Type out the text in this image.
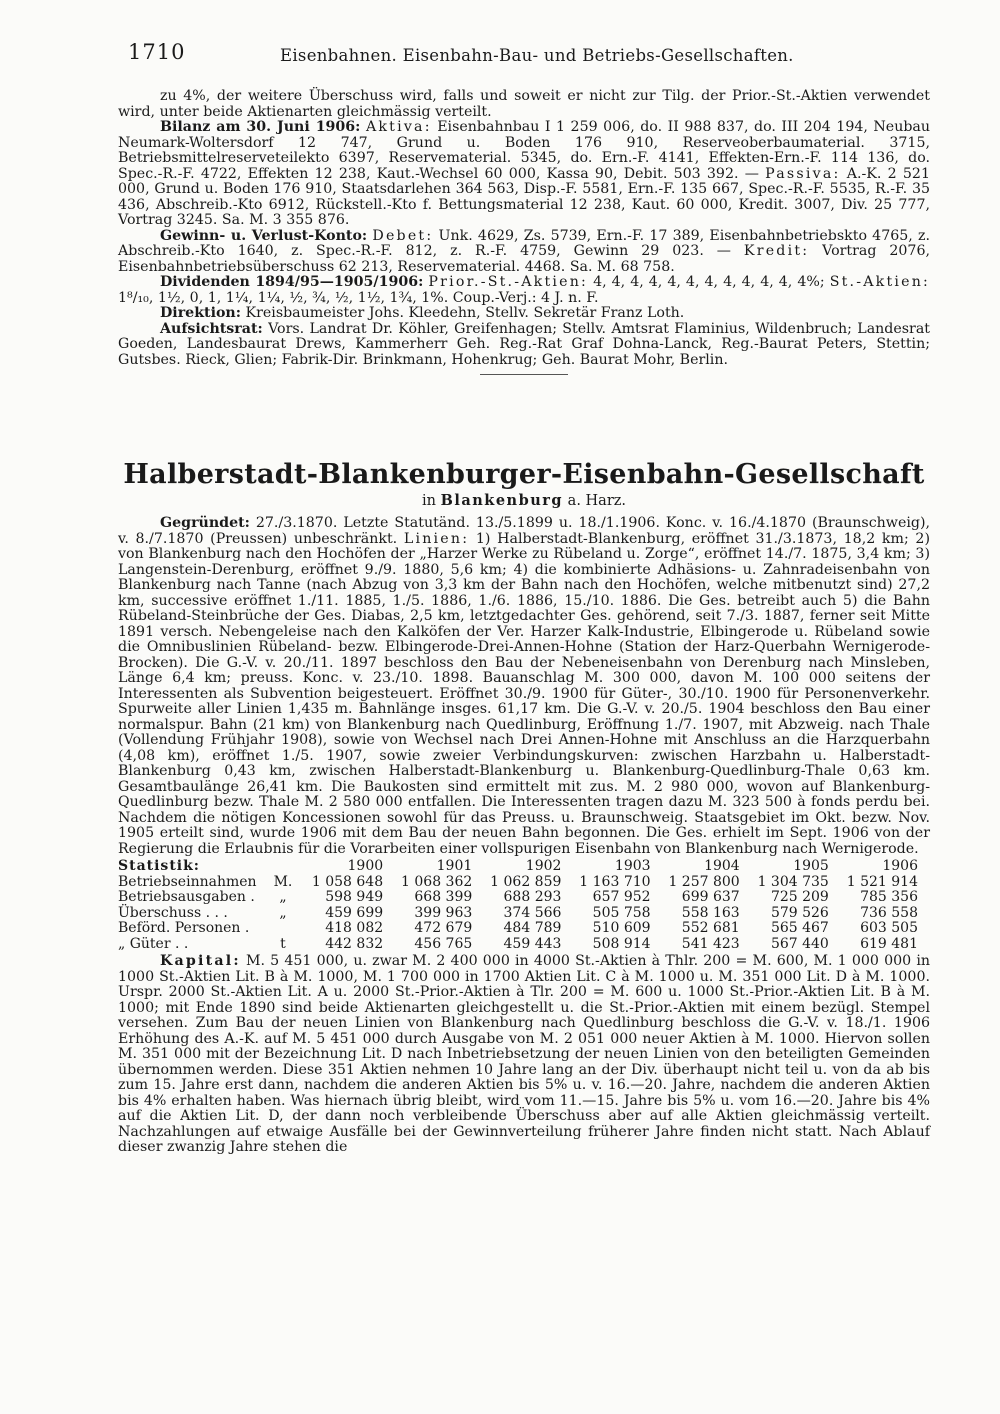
1710	Eisenbahnen. Eisenbahn-Bau- und Betriebs-Gesellschaften.

zu 4%, der weitere Überschuss wird, falls und soweit er nicht zur Tilg. der Prior.-St.-Aktien verwendet wird, unter beide Aktienarten gleichmässig verteilt.

Bilanz am 30. Juni 1906: Aktiva: Eisenbahnbau I 1 259 006, do. II 988 837, do. III 204 194, Neubau Neumark-Woltersdorf 12 747, Grund u. Boden 176 910, Reserveoberbaumaterial. 3715, Betriebsmittelreserveteilekto 6397, Reservematerial. 5345, do. Ern.-F. 4141, Effekten-Ern.-F. 114 136, do. Spec.-R.-F. 4722, Effekten 12 238, Kaut.-Wechsel 60 000, Kassa 90, Debit. 503 392. — Passiva: A.-K. 2 521 000, Grund u. Boden 176 910, Staatsdarlehen 364 563, Disp.-F. 5581, Ern.-F. 135 667, Spec.-R.-F. 5535, R.-F. 35 436, Abschreib.-Kto 6912, Rückstell.-Kto f. Bettungsmaterial 12 238, Kaut. 60 000, Kredit. 3007, Div. 25 777, Vortrag 3245. Sa. M. 3 355 876.

Gewinn- u. Verlust-Konto: Debet: Unk. 4629, Zs. 5739, Ern.-F. 17 389, Eisenbahnbetriebskto 4765, z. Abschreib.-Kto 1640, z. Spec.-R.-F. 812, z. R.-F. 4759, Gewinn 29 023. — Kredit: Vortrag 2076, Eisenbahnbetriebsüberschuss 62 213, Reservematerial. 4468. Sa. M. 68 758.

Dividenden 1894/95—1905/1906: Prior.-St.-Aktien: 4, 4, 4, 4, 4, 4, 4, 4, 4, 4, 4, 4%; St.-Aktien: 1⁸/₁₀, 1½, 0, 1, 1¼, 1¼, ½, ¾, ½, 1½, 1¾, 1%. Coup.-Verj.: 4 J. n. F.

Direktion: Kreisbaumeister Johs. Kleedehn, Stellv. Sekretär Franz Loth.

Aufsichtsrat: Vors. Landrat Dr. Köhler, Greifenhagen; Stellv. Amtsrat Flaminius, Wildenbruch; Landesrat Goeden, Landesbaurat Drews, Kammerherr Geh. Reg.-Rat Graf Dohna-Lanck, Reg.-Baurat Peters, Stettin; Gutsbes. Rieck, Glien; Fabrik-Dir. Brinkmann, Hohenkrug; Geh. Baurat Mohr, Berlin.

Halberstadt-Blankenburger-Eisenbahn-Gesellschaft

in Blankenburg a. Harz.

Gegründet: 27./3.1870. Letzte Statutänd. 13./5.1899 u. 18./1.1906. Konc. v. 16./4.1870 (Braunschweig), v. 8./7.1870 (Preussen) unbeschränkt. Linien: 1) Halberstadt-Blankenburg, eröffnet 31./3.1873, 18,2 km; 2) von Blankenburg nach den Hochöfen der „Harzer Werke zu Rübeland u. Zorge“, eröffnet 14./7. 1875, 3,4 km; 3) Langenstein-Derenburg, eröffnet 9./9. 1880, 5,6 km; 4) die kombinierte Adhäsions- u. Zahnradeisenbahn von Blankenburg nach Tanne (nach Abzug von 3,3 km der Bahn nach den Hochöfen, welche mitbenutzt sind) 27,2 km, successive eröffnet 1./11. 1885, 1./5. 1886, 1./6. 1886, 15./10. 1886. Die Ges. betreibt auch 5) die Bahn Rübeland-Steinbrüche der Ges. Diabas, 2,5 km, letztgedachter Ges. gehörend, seit 7./3. 1887, ferner seit Mitte 1891 versch. Nebengeleise nach den Kalköfen der Ver. Harzer Kalk-Industrie, Elbingerode u. Rübeland sowie die Omnibuslinien Rübeland- bezw. Elbingerode-Drei-Annen-Hohne (Station der Harz-Querbahn Wernigerode-Brocken). Die G.-V. v. 20./11. 1897 beschloss den Bau der Nebeneisenbahn von Derenburg nach Minsleben, Länge 6,4 km; preuss. Konc. v. 23./10. 1898. Bauanschlag M. 300 000, davon M. 100 000 seitens der Interessenten als Subvention beigesteuert. Eröffnet 30./9. 1900 für Güter-, 30./10. 1900 für Personenverkehr. Spurweite aller Linien 1,435 m. Bahnlänge insges. 61,17 km. Die G.-V. v. 20./5. 1904 beschloss den Bau einer normalspur. Bahn (21 km) von Blankenburg nach Quedlinburg, Eröffnung 1./7. 1907, mit Abzweig. nach Thale (Vollendung Frühjahr 1908), sowie von Wechsel nach Drei Annen-Hohne mit Anschluss an die Harzquerbahn (4,08 km), eröffnet 1./5. 1907, sowie zweier Verbindungskurven: zwischen Harzbahn u. Halberstadt-Blankenburg 0,43 km, zwischen Halberstadt-Blankenburg u. Blankenburg-Quedlinburg-Thale 0,63 km. Gesamtbaulänge 26,41 km. Die Baukosten sind ermittelt mit zus. M. 2 980 000, wovon auf Blankenburg-Quedlinburg bezw. Thale M. 2 580 000 entfallen. Die Interessenten tragen dazu M. 323 500 à fonds perdu bei. Nachdem die nötigen Koncessionen sowohl für das Preuss. u. Braunschweig. Staatsgebiet im Okt. bezw. Nov. 1905 erteilt sind, wurde 1906 mit dem Bau der neuen Bahn begonnen. Die Ges. erhielt im Sept. 1906 von der Regierung die Erlaubnis für die Vorarbeiten einer vollspurigen Eisenbahn von Blankenburg nach Wernigerode.

Statistik:		1900	1901	1902	1903	1904	1905	1906
Betriebseinnahmen	M.	1 058 648	1 068 362	1 062 859	1 163 710	1 257 800	1 304 735	1 521 914
Betriebsausgaben .	„	598 949	668 399	688 293	657 952	699 637	725 209	785 356
Überschuss . . .	„	459 699	399 963	374 566	505 758	558 163	579 526	736 558
Beförd. Personen .		418 082	472 679	484 789	510 609	552 681	565 467	603 505
„ Güter . .	t	442 832	456 765	459 443	508 914	541 423	567 440	619 481

Kapital: M. 5 451 000, u. zwar M. 2 400 000 in 4000 St.-Aktien à Thlr. 200 = M. 600, M. 1 000 000 in 1000 St.-Aktien Lit. B à M. 1000, M. 1 700 000 in 1700 Aktien Lit. C à M. 1000 u. M. 351 000 Lit. D à M. 1000. Urspr. 2000 St.-Aktien Lit. A u. 2000 St.-Prior.-Aktien à Tlr. 200 = M. 600 u. 1000 St.-Prior.-Aktien Lit. B à M. 1000; mit Ende 1890 sind beide Aktienarten gleichgestellt u. die St.-Prior.-Aktien mit einem bezügl. Stempel versehen. Zum Bau der neuen Linien von Blankenburg nach Quedlinburg beschloss die G.-V. v. 18./1. 1906 Erhöhung des A.-K. auf M. 5 451 000 durch Ausgabe von M. 2 051 000 neuer Aktien à M. 1000. Hiervon sollen M. 351 000 mit der Bezeichnung Lit. D nach Inbetriebsetzung der neuen Linien von den beteiligten Gemeinden übernommen werden. Diese 351 Aktien nehmen 10 Jahre lang an der Div. überhaupt nicht teil u. von da ab bis zum 15. Jahre erst dann, nachdem die anderen Aktien bis 5% u. v. 16.—20. Jahre, nachdem die anderen Aktien bis 4% erhalten haben. Was hiernach übrig bleibt, wird vom 11.—15. Jahre bis 5% u. vom 16.—20. Jahre bis 4% auf die Aktien Lit. D, der dann noch verbleibende Überschuss aber auf alle Aktien gleichmässig verteilt. Nachzahlungen auf etwaige Ausfälle bei der Gewinnverteilung früherer Jahre finden nicht statt. Nach Ablauf dieser zwanzig Jahre stehen die
